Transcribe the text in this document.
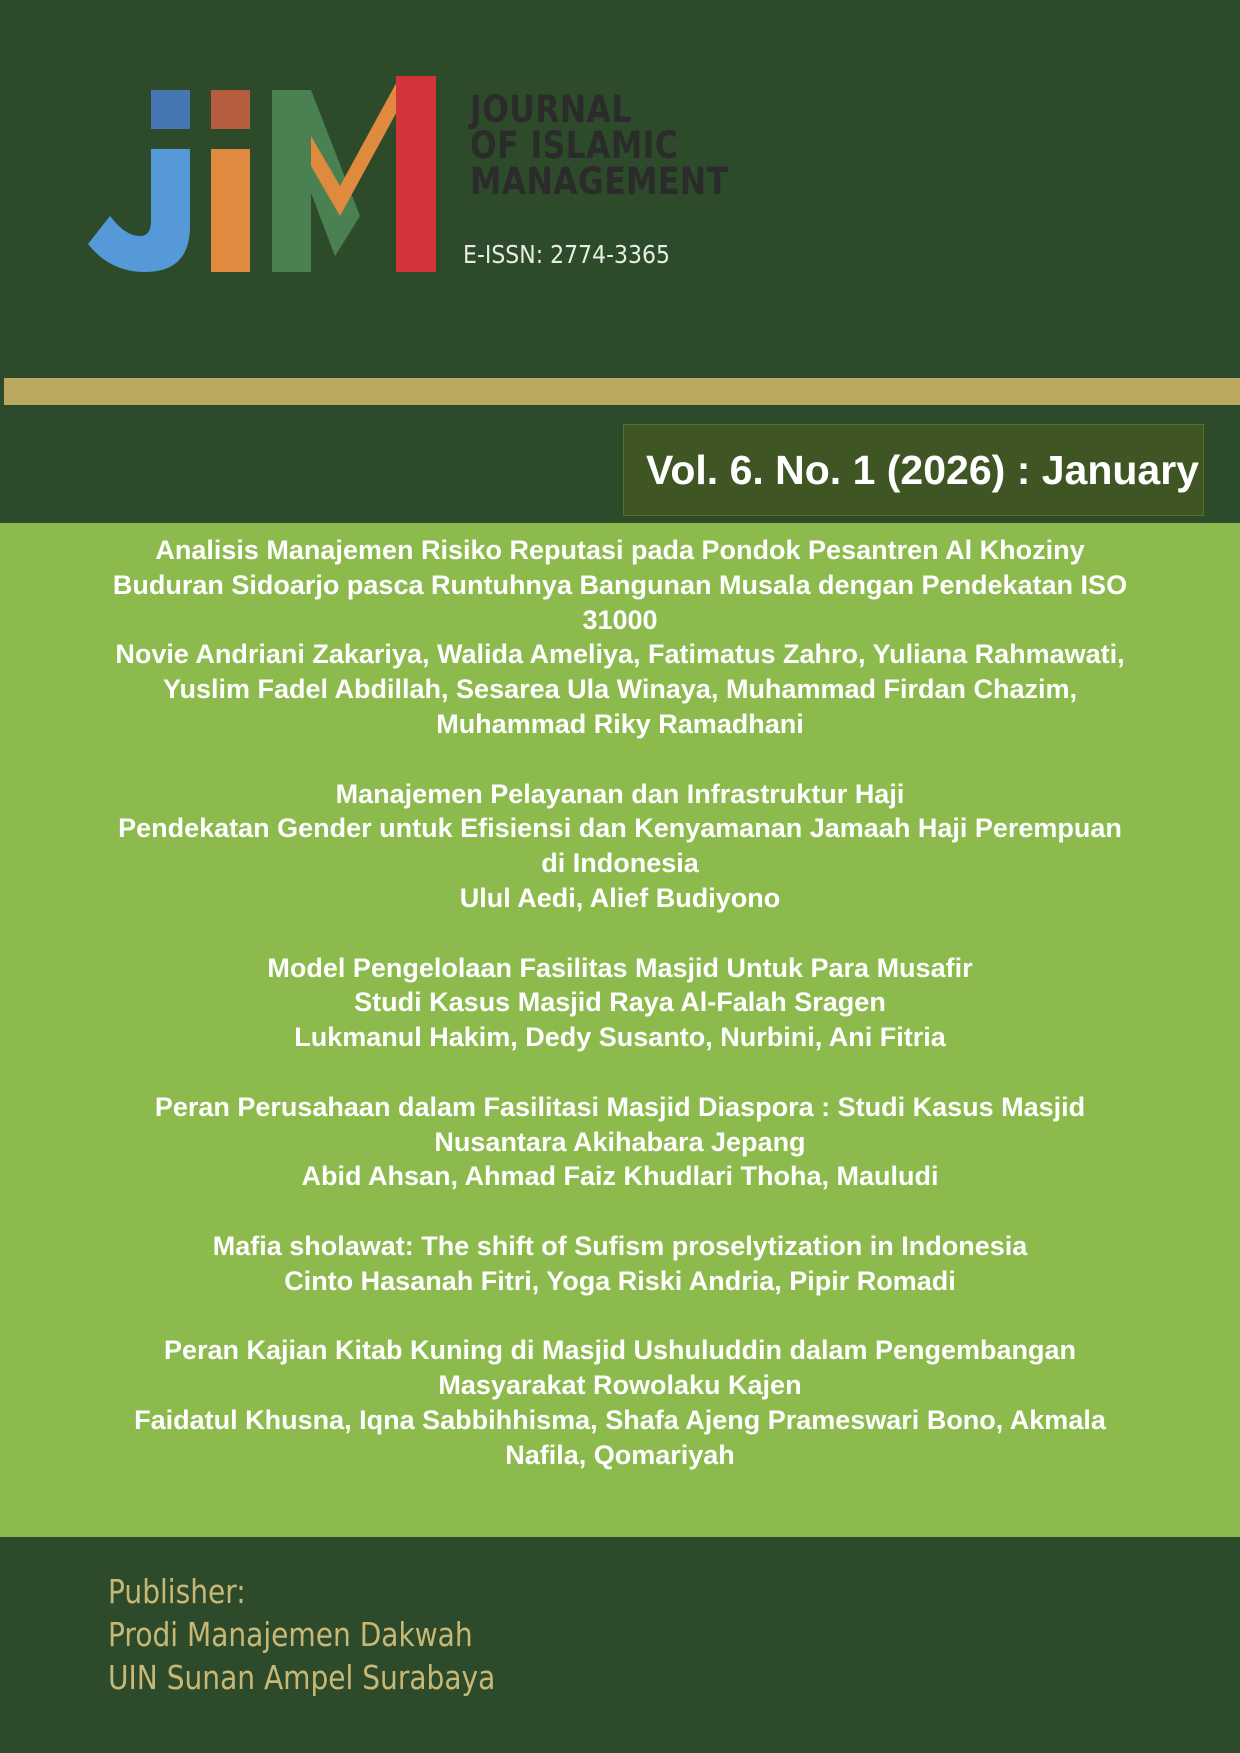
JOURNAL
OF ISLAMIC
MANAGEMENT
E-ISSN: 2774-3365
Vol. 6. No. 1 (2026) : January
Analisis Manajemen Risiko Reputasi pada Pondok Pesantren Al Khoziny
Buduran Sidoarjo pasca Runtuhnya Bangunan Musala dengan Pendekatan ISO
31000
Novie Andriani Zakariya, Walida Ameliya, Fatimatus Zahro, Yuliana Rahmawati,
Yuslim Fadel Abdillah, Sesarea Ula Winaya, Muhammad Firdan Chazim,
Muhammad Riky Ramadhani
Manajemen Pelayanan dan Infrastruktur Haji
Pendekatan Gender untuk Efisiensi dan Kenyamanan Jamaah Haji Perempuan
di Indonesia
Ulul Aedi, Alief Budiyono
Model Pengelolaan Fasilitas Masjid Untuk Para Musafir
Studi Kasus Masjid Raya Al-Falah Sragen
Lukmanul Hakim, Dedy Susanto, Nurbini, Ani Fitria
Peran Perusahaan dalam Fasilitasi Masjid Diaspora : Studi Kasus Masjid
Nusantara Akihabara Jepang
Abid Ahsan, Ahmad Faiz Khudlari Thoha, Mauludi
Mafia sholawat: The shift of Sufism proselytization in Indonesia
Cinto Hasanah Fitri, Yoga Riski Andria, Pipir Romadi
Peran Kajian Kitab Kuning di Masjid Ushuluddin dalam Pengembangan
Masyarakat Rowolaku Kajen
Faidatul Khusna, Iqna Sabbihhisma, Shafa Ajeng Prameswari Bono, Akmala
Nafila, Qomariyah
Publisher:
Prodi Manajemen Dakwah
UIN Sunan Ampel Surabaya
